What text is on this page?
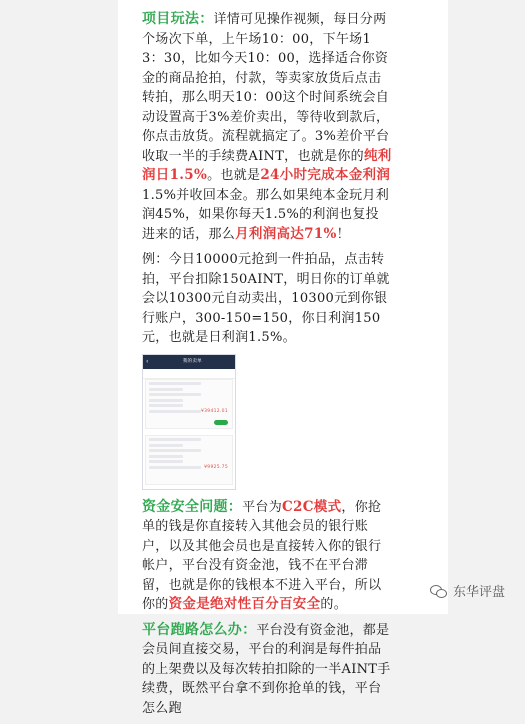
项目玩法：详情可见操作视频，每日分两个场次下单，上午场10：00，下午场13：30，比如今天10：00，选择适合你资金的商品抢拍，付款，等卖家放货后点击转拍，那么明天10：00这个时间系统会自动设置高于3%差价卖出，等待收到款后，你点击放货。流程就搞定了。3%差价平台收取一半的手续费AINT，也就是你的纯利润日1.5%。也就是24小时完成本金利润1.5%并收回本金。那么如果纯本金玩月利润45%，如果你每天1.5%的利润也复投进来的话，那么月利润高达71%！
例：今日10000元抢到一件拍品，点击转拍，平台扣除150AINT，明日你的订单就会以10300元自动卖出，10300元到你银行账户，300-150=150，你日利润150元，也就是日利润1.5%。
‹	我的卖单
¥39412.01
¥9925.75
资金安全问题：平台为C2C模式，你抢单的钱是你直接转入其他会员的银行账户，以及其他会员也是直接转入你的银行帐户，平台没有资金池，钱不在平台滞留，也就是你的钱根本不进入平台，所以你的资金是绝对性百分百安全的。
平台跑路怎么办：平台没有资金池，都是会员间直接交易，平台的利润是每件拍品的上架费以及每次转拍扣除的一半AINT手续费，既然平台拿不到你抢单的钱，平台怎么跑
东华评盘
